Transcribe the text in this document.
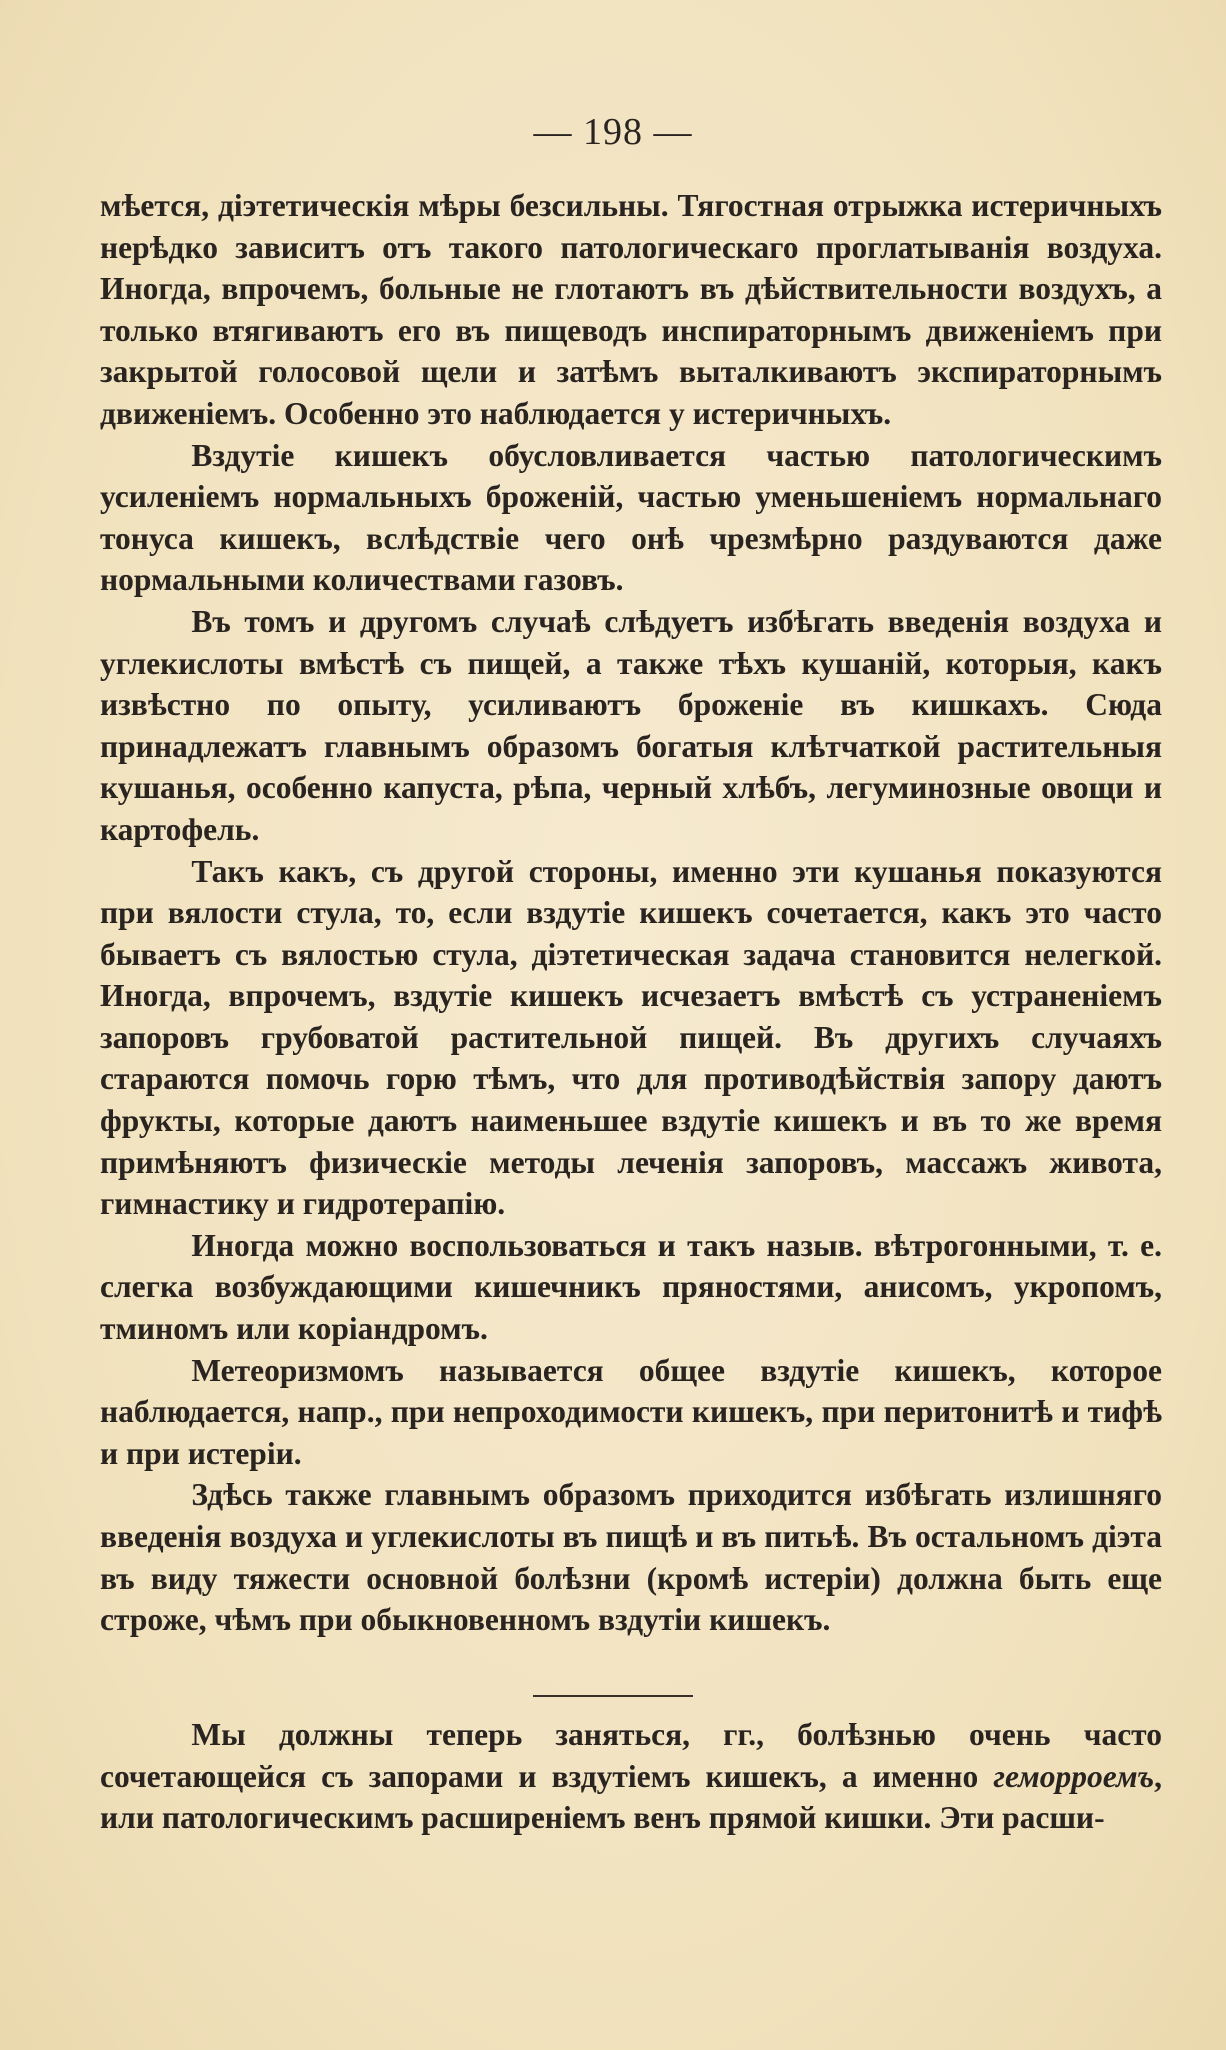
— 198 —

мѣется, діэтетическія мѣры безсильны. Тягостная отрыжка истеричныхъ нерѣдко зависитъ отъ такого патологическаго проглатыванія воздуха. Иногда, впрочемъ, больные не глотаютъ въ дѣйствительности воздухъ, а только втягиваютъ его въ пищеводъ инспираторнымъ движеніемъ при закрытой голосовой щели и затѣмъ выталкиваютъ экспираторнымъ движеніемъ. Особенно это наблюдается у истеричныхъ.

Вздутіе кишекъ обусловливается частью патологическимъ усиленіемъ нормальныхъ броженій, частью уменьшеніемъ нормальнаго тонуса кишекъ, вслѣдствіе чего онѣ чрезмѣрно раздуваются даже нормальными количествами газовъ.

Въ томъ и другомъ случаѣ слѣдуетъ избѣгать введенія воздуха и углекислоты вмѣстѣ съ пищей, а также тѣхъ кушаній, которыя, какъ извѣстно по опыту, усиливаютъ броженіе въ кишкахъ. Сюда принадлежатъ главнымъ образомъ богатыя клѣтчаткой растительныя кушанья, особенно капуста, рѣпа, черный хлѣбъ, легуминозные овощи и картофель.

Такъ какъ, съ другой стороны, именно эти кушанья показуются при вялости стула, то, если вздутіе кишекъ сочетается, какъ это часто бываетъ съ вялостью стула, діэтетическая задача становится нелегкой. Иногда, впрочемъ, вздутіе кишекъ исчезаетъ вмѣстѣ съ устраненіемъ запоровъ грубоватой растительной пищей. Въ другихъ случаяхъ стараются помочь горю тѣмъ, что для противодѣйствія запору даютъ фрукты, которые даютъ наименьшее вздутіе кишекъ и въ то же время примѣняютъ физическіе методы леченія запоровъ, массажъ живота, гимнастику и гидротерапію.

Иногда можно воспользоваться и такъ назыв. вѣтрогонными, т. е. слегка возбуждающими кишечникъ пряностями, анисомъ, укропомъ, тминомъ или коріандромъ.

Метеоризмомъ называется общее вздутіе кишекъ, которое наблюдается, напр., при непроходимости кишекъ, при перитонитѣ и тифѣ и при истеріи.

Здѣсь также главнымъ образомъ приходится избѣгать излишняго введенія воздуха и углекислоты въ пищѣ и въ питьѣ. Въ остальномъ діэта въ виду тяжести основной болѣзни (кромѣ истеріи) должна быть еще строже, чѣмъ при обыкновенномъ вздутіи кишекъ.

Мы должны теперь заняться, гг., болѣзнью очень часто сочетающейся съ запорами и вздутіемъ кишекъ, а именно геморроемъ, или патологическимъ расширеніемъ венъ прямой кишки. Эти расши-
